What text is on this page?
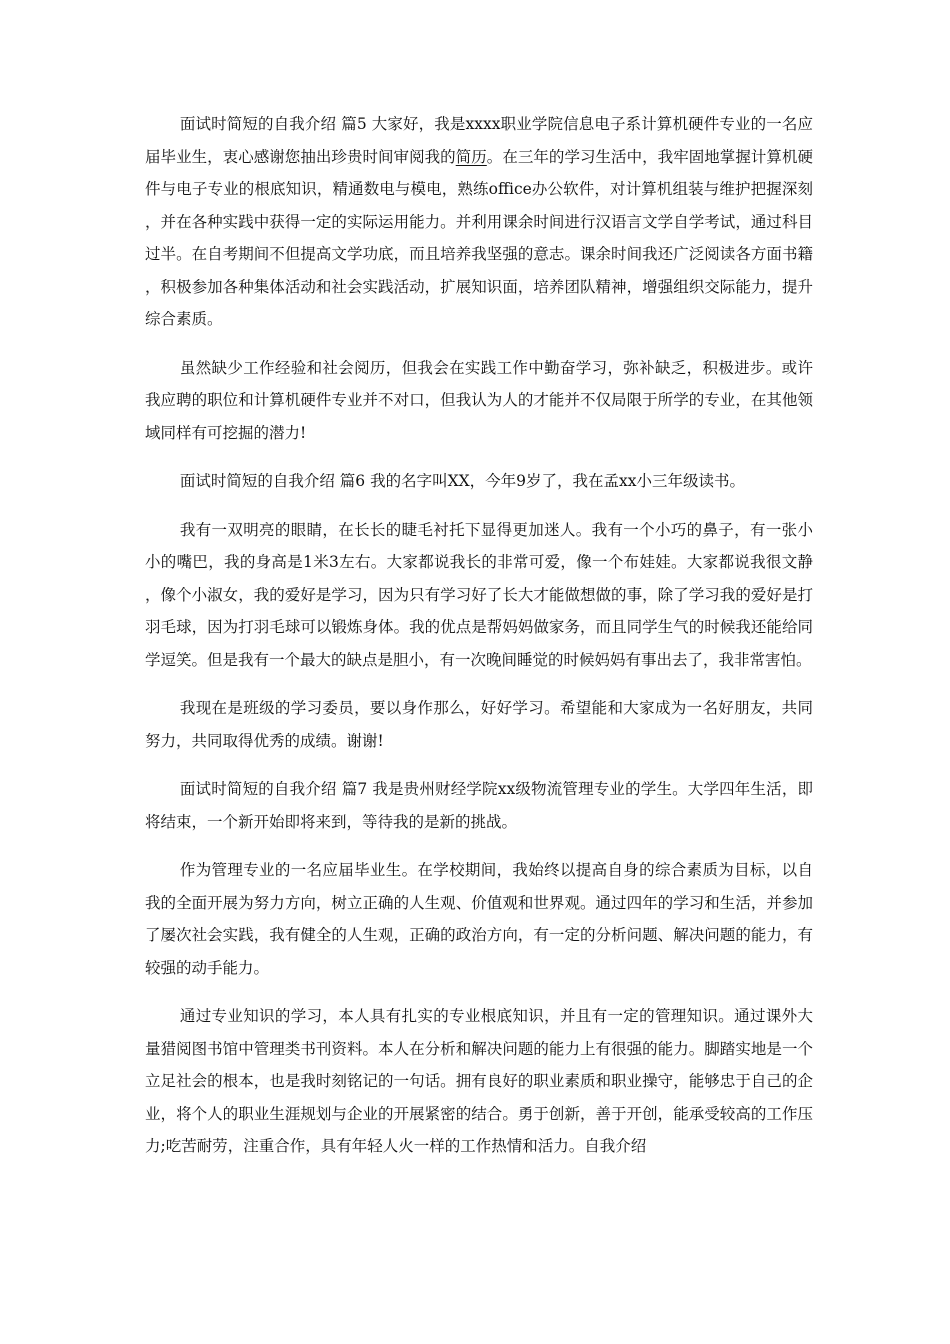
面试时简短的自我介绍 篇5 大家好，我是xxxx职业学院信息电子系计算机硬件专业的一名应届毕业生，衷心感谢您抽出珍贵时间审阅我的简历。在三年的学习生活中，我牢固地掌握计算机硬件与电子专业的根底知识，精通数电与模电，熟练office办公软件，对计算机组装与维护把握深刻，并在各种实践中获得一定的实际运用能力。并利用课余时间进行汉语言文学自学考试，通过科目过半。在自考期间不但提高文学功底，而且培养我坚强的意志。课余时间我还广泛阅读各方面书籍，积极参加各种集体活动和社会实践活动，扩展知识面，培养团队精神，增强组织交际能力，提升综合素质。

虽然缺少工作经验和社会阅历，但我会在实践工作中勤奋学习，弥补缺乏，积极进步。或许我应聘的职位和计算机硬件专业并不对口，但我认为人的才能并不仅局限于所学的专业，在其他领域同样有可挖掘的潜力!

面试时简短的自我介绍 篇6 我的名字叫XX，今年9岁了，我在孟xx小三年级读书。

我有一双明亮的眼睛，在长长的睫毛衬托下显得更加迷人。我有一个小巧的鼻子，有一张小小的嘴巴，我的身高是1米3左右。大家都说我长的非常可爱，像一个布娃娃。大家都说我很文静，像个小淑女，我的爱好是学习，因为只有学习好了长大才能做想做的事，除了学习我的爱好是打羽毛球，因为打羽毛球可以锻炼身体。我的优点是帮妈妈做家务，而且同学生气的时候我还能给同学逗笑。但是我有一个最大的缺点是胆小，有一次晚间睡觉的时候妈妈有事出去了，我非常害怕。

我现在是班级的学习委员，要以身作那么，好好学习。希望能和大家成为一名好朋友，共同努力，共同取得优秀的成绩。谢谢!

面试时简短的自我介绍 篇7 我是贵州财经学院xx级物流管理专业的学生。大学四年生活，即将结束，一个新开始即将来到，等待我的是新的挑战。

作为管理专业的一名应届毕业生。在学校期间，我始终以提高自身的综合素质为目标，以自我的全面开展为努力方向，树立正确的人生观、价值观和世界观。通过四年的学习和生活，并参加了屡次社会实践，我有健全的人生观，正确的政治方向，有一定的分析问题、解决问题的能力，有较强的动手能力。

通过专业知识的学习，本人具有扎实的专业根底知识，并且有一定的管理知识。通过课外大量猎阅图书馆中管理类书刊资料。本人在分析和解决问题的能力上有很强的能力。脚踏实地是一个立足社会的根本，也是我时刻铭记的一句话。拥有良好的职业素质和职业操守，能够忠于自己的企业，将个人的职业生涯规划与企业的开展紧密的结合。勇于创新，善于开创，能承受较高的工作压力;吃苦耐劳，注重合作，具有年轻人火一样的工作热情和活力。自我介绍
